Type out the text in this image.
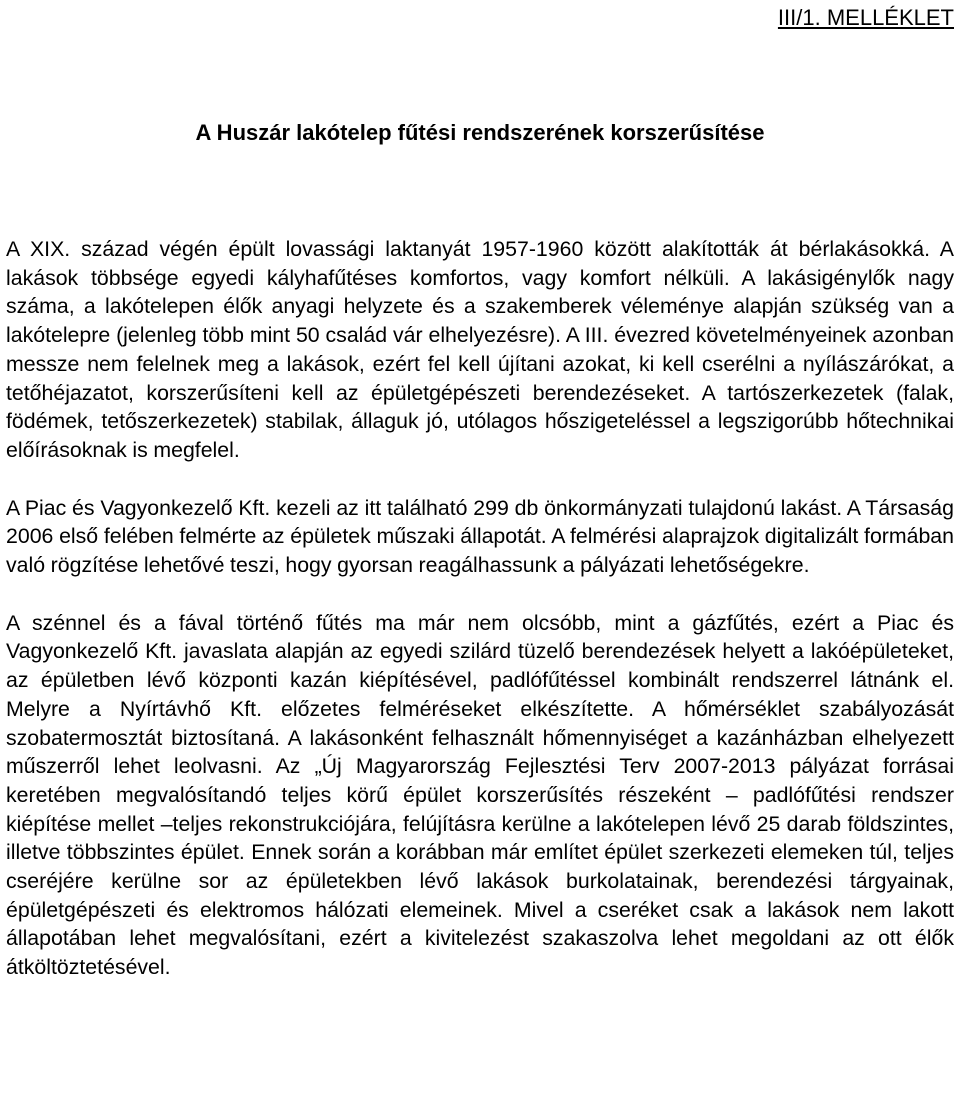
III/1. MELLÉKLET
A Huszár lakótelep fűtési rendszerének korszerűsítése

A XIX. század végén épült lovassági laktanyát 1957-1960 között alakították át bérlakásokká. A lakások többsége egyedi kályhafűtéses komfortos, vagy komfort nélküli. A lakásigénylők nagy száma, a lakótelepen élők anyagi helyzete és a szakemberek véleménye alapján szükség van a lakótelepre (jelenleg több mint 50 család vár elhelyezésre). A III. évezred követelményeinek azonban messze nem felelnek meg a lakások, ezért fel kell újítani azokat, ki kell cserélni a nyílászárókat, a tetőhéjazatot, korszerűsíteni kell az épületgépészeti berendezéseket. A tartószerkezetek (falak, födémek, tetőszerkezetek) stabilak, állaguk jó, utólagos hőszigeteléssel a legszigorúbb hőtechnikai előírásoknak is megfelel.

A Piac és Vagyonkezelő Kft. kezeli az itt található 299 db önkormányzati tulajdonú lakást. A Társaság 2006 első felében felmérte az épületek műszaki állapotát. A felmérési alaprajzok digitalizált formában való rögzítése lehetővé teszi, hogy gyorsan reagálhassunk a pályázati lehetőségekre.

A szénnel és a fával történő fűtés ma már nem olcsóbb, mint a gázfűtés, ezért a Piac és Vagyonkezelő Kft. javaslata alapján az egyedi szilárd tüzelő berendezések helyett a lakóépületeket, az épületben lévő központi kazán kiépítésével, padlófűtéssel kombinált rendszerrel látnánk el. Melyre a Nyírtávhő Kft. előzetes felméréseket elkészítette. A hőmérséklet szabályozását szobatermosztát biztosítaná. A lakásonként felhasznált hőmennyiséget a kazánházban elhelyezett műszerről lehet leolvasni. Az „Új Magyarország Fejlesztési Terv 2007-2013 pályázat forrásai keretében megvalósítandó teljes körű épület korszerűsítés részeként – padlófűtési rendszer kiépítése mellet –teljes rekonstrukciójára, felújításra kerülne a lakótelepen lévő 25 darab földszintes, illetve többszintes épület. Ennek során a korábban már említet épület szerkezeti elemeken túl, teljes cseréjére kerülne sor az épületekben lévő lakások burkolatainak, berendezési tárgyainak, épületgépészeti és elektromos hálózati elemeinek. Mivel a cseréket csak a lakások nem lakott állapotában lehet megvalósítani, ezért a kivitelezést szakaszolva lehet megoldani az ott élők átköltöztetésével.
